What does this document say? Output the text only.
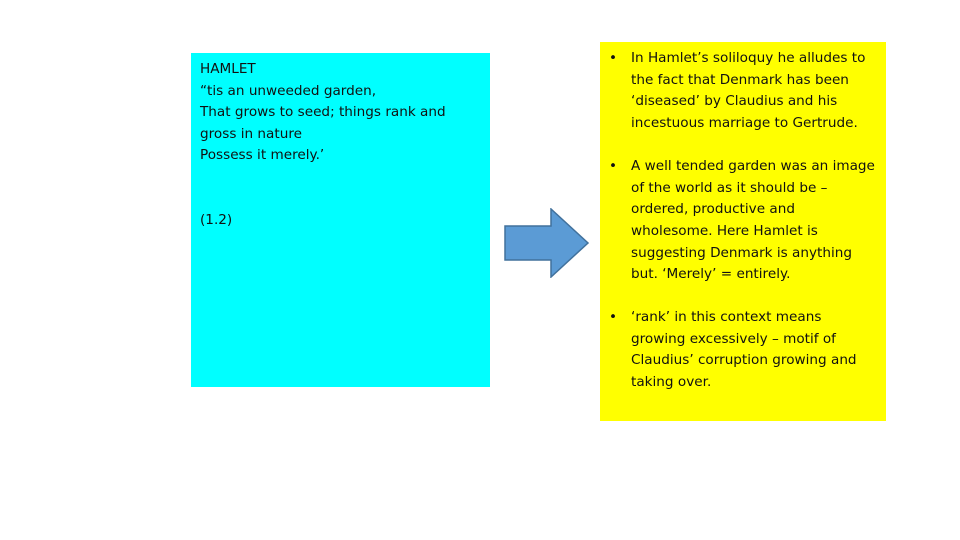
HAMLET
“tis an unweeded garden,
That grows to seed; things rank and
gross in nature
Possess it merely.’
(1.2)
• In Hamlet’s soliloquy he alludes to the fact that Denmark has been ‘diseased’ by Claudius and his incestuous marriage to Gertrude.
• A well tended garden was an image of the world as it should be – ordered, productive and wholesome. Here Hamlet is suggesting Denmark is anything but. ‘Merely’ = entirely.
• ‘rank’ in this context means growing excessively – motif of Claudius’ corruption growing and taking over.
